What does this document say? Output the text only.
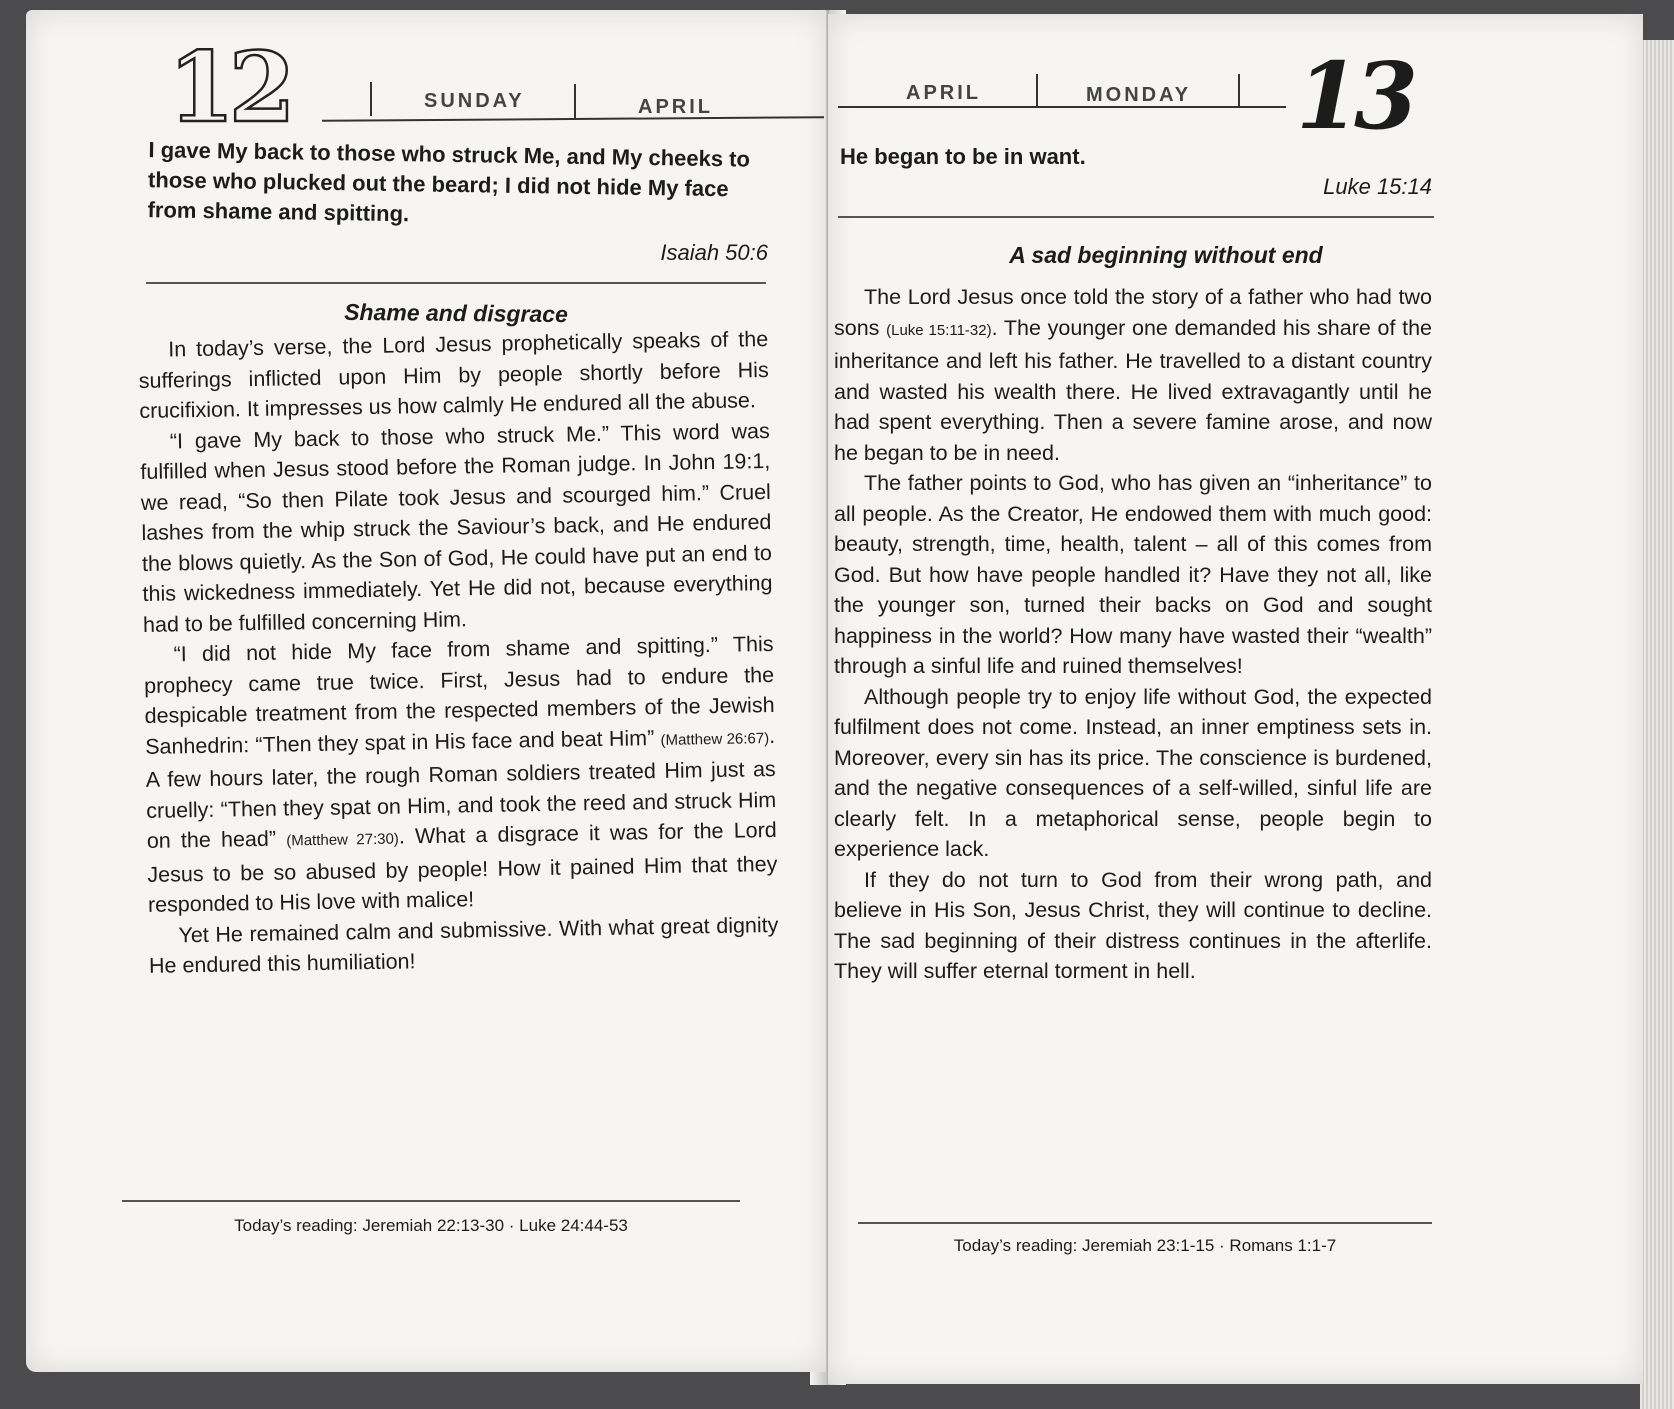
12	SUNDAY	APRIL
I gave My back to those who struck Me, and My cheeks to those who plucked out the beard; I did not hide My face from shame and spitting.
Isaiah 50:6
Shame and disgrace

In today’s verse, the Lord Jesus prophetically speaks of the sufferings inflicted upon Him by people shortly before His crucifixion. It impresses us how calmly He endured all the abuse.

“I gave My back to those who struck Me.” This word was fulfilled when Jesus stood before the Roman judge. In John 19:1, we read, “So then Pilate took Jesus and scourged him.” Cruel lashes from the whip struck the Saviour’s back, and He endured the blows quietly. As the Son of God, He could have put an end to this wickedness immediately. Yet He did not, because everything had to be fulfilled concerning Him.

“I did not hide My face from shame and spitting.” This prophecy came true twice. First, Jesus had to endure the despicable treatment from the respected members of the Jewish Sanhedrin: “Then they spat in His face and beat Him” (Matthew 26:67). A few hours later, the rough Roman soldiers treated Him just as cruelly: “Then they spat on Him, and took the reed and struck Him on the head” (Matthew 27:30). What a disgrace it was for the Lord Jesus to be so abused by people! How it pained Him that they responded to His love with malice!

Yet He remained calm and submissive. With what great dignity He endured this humiliation!

Today’s reading: Jeremiah 22:13-30 · Luke 24:44-53
APRIL	MONDAY 13
He began to be in want.
Luke 15:14
A sad beginning without end

The Lord Jesus once told the story of a father who had two sons (Luke 15:11-32). The younger one demanded his share of the inheritance and left his father. He travelled to a distant country and wasted his wealth there. He lived extravagantly until he had spent everything. Then a severe famine arose, and now he began to be in need.

The father points to God, who has given an “inheritance” to all people. As the Creator, He endowed them with much good: beauty, strength, time, health, talent – all of this comes from God. But how have people handled it? Have they not all, like the younger son, turned their backs on God and sought happiness in the world? How many have wasted their “wealth” through a sinful life and ruined themselves!

Although people try to enjoy life without God, the expected fulfilment does not come. Instead, an inner emptiness sets in. Moreover, every sin has its price. The conscience is burdened, and the negative consequences of a self-willed, sinful life are clearly felt. In a metaphorical sense, people begin to experience lack.

If they do not turn to God from their wrong path, and believe in His Son, Jesus Christ, they will continue to decline. The sad beginning of their distress continues in the afterlife. They will suffer eternal torment in hell.

Today’s reading: Jeremiah 23:1-15 · Romans 1:1-7
